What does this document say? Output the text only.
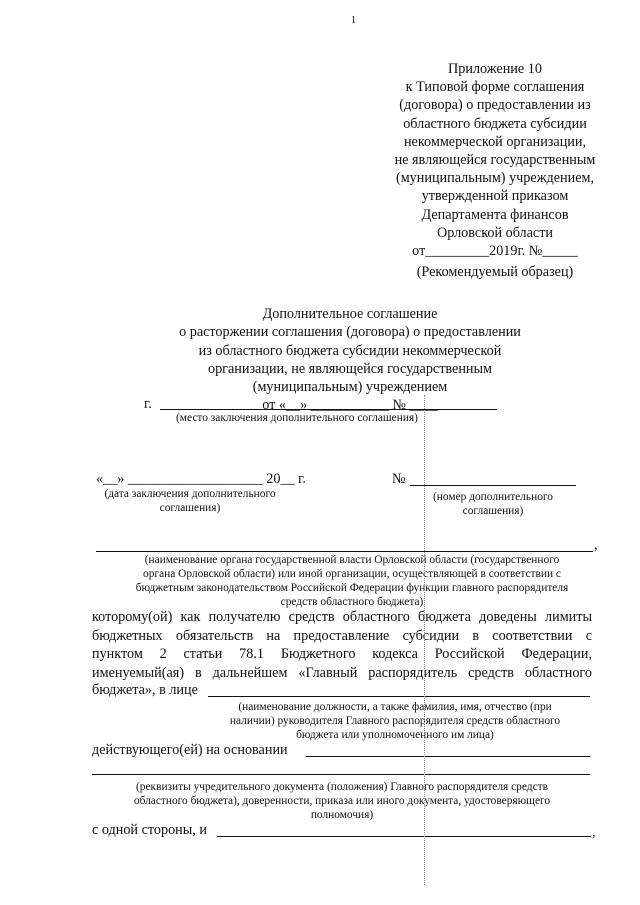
1
Приложение 10
к Типовой форме соглашения
(договора) о предоставлении из
областного бюджета субсидии
некоммерческой организации,
не являющейся государственным
(муниципальным) учреждением,
утвержденной приказом
Департамента финансов
Орловской области
от_________2019г. №_____
(Рекомендуемый образец)
Дополнительное соглашение
о расторжении соглашения (договора) о предоставлении
из областного бюджета субсидии некоммерческой
организации, не являющейся государственным
(муниципальным) учреждением
от «__» ___________ № ____
г.
(место заключения дополнительного соглашения)
«__» ___________________ 20__ г.
(дата заключения дополнительного
соглашения)
№
(номер дополнительного
соглашения)
,
(наименование органа государственной власти Орловской области (государственного
органа Орловской области) или иной организации, осуществляющей в соответствии с
бюджетным законодательством Российской Федерации функции главного распорядителя
средств областного бюджета)
которому(ой) как получателю средств областного бюджета доведены лимиты
бюджетных обязательств на предоставление субсидии в соответствии с
пунктом 2 статьи 78.1 Бюджетного кодекса Российской Федерации,
именуемый(ая) в дальнейшем «Главный распорядитель средств областного
бюджета», в лице
(наименование должности, а также фамилия, имя, отчество (при
наличии) руководителя Главного распорядителя средств областного
бюджета или уполномоченного им лица)
действующего(ей) на основании
(реквизиты учредительного документа (положения) Главного распорядителя средств
областного бюджета), доверенности, приказа или иного документа, удостоверяющего
полномочия)
с одной стороны, и	,
